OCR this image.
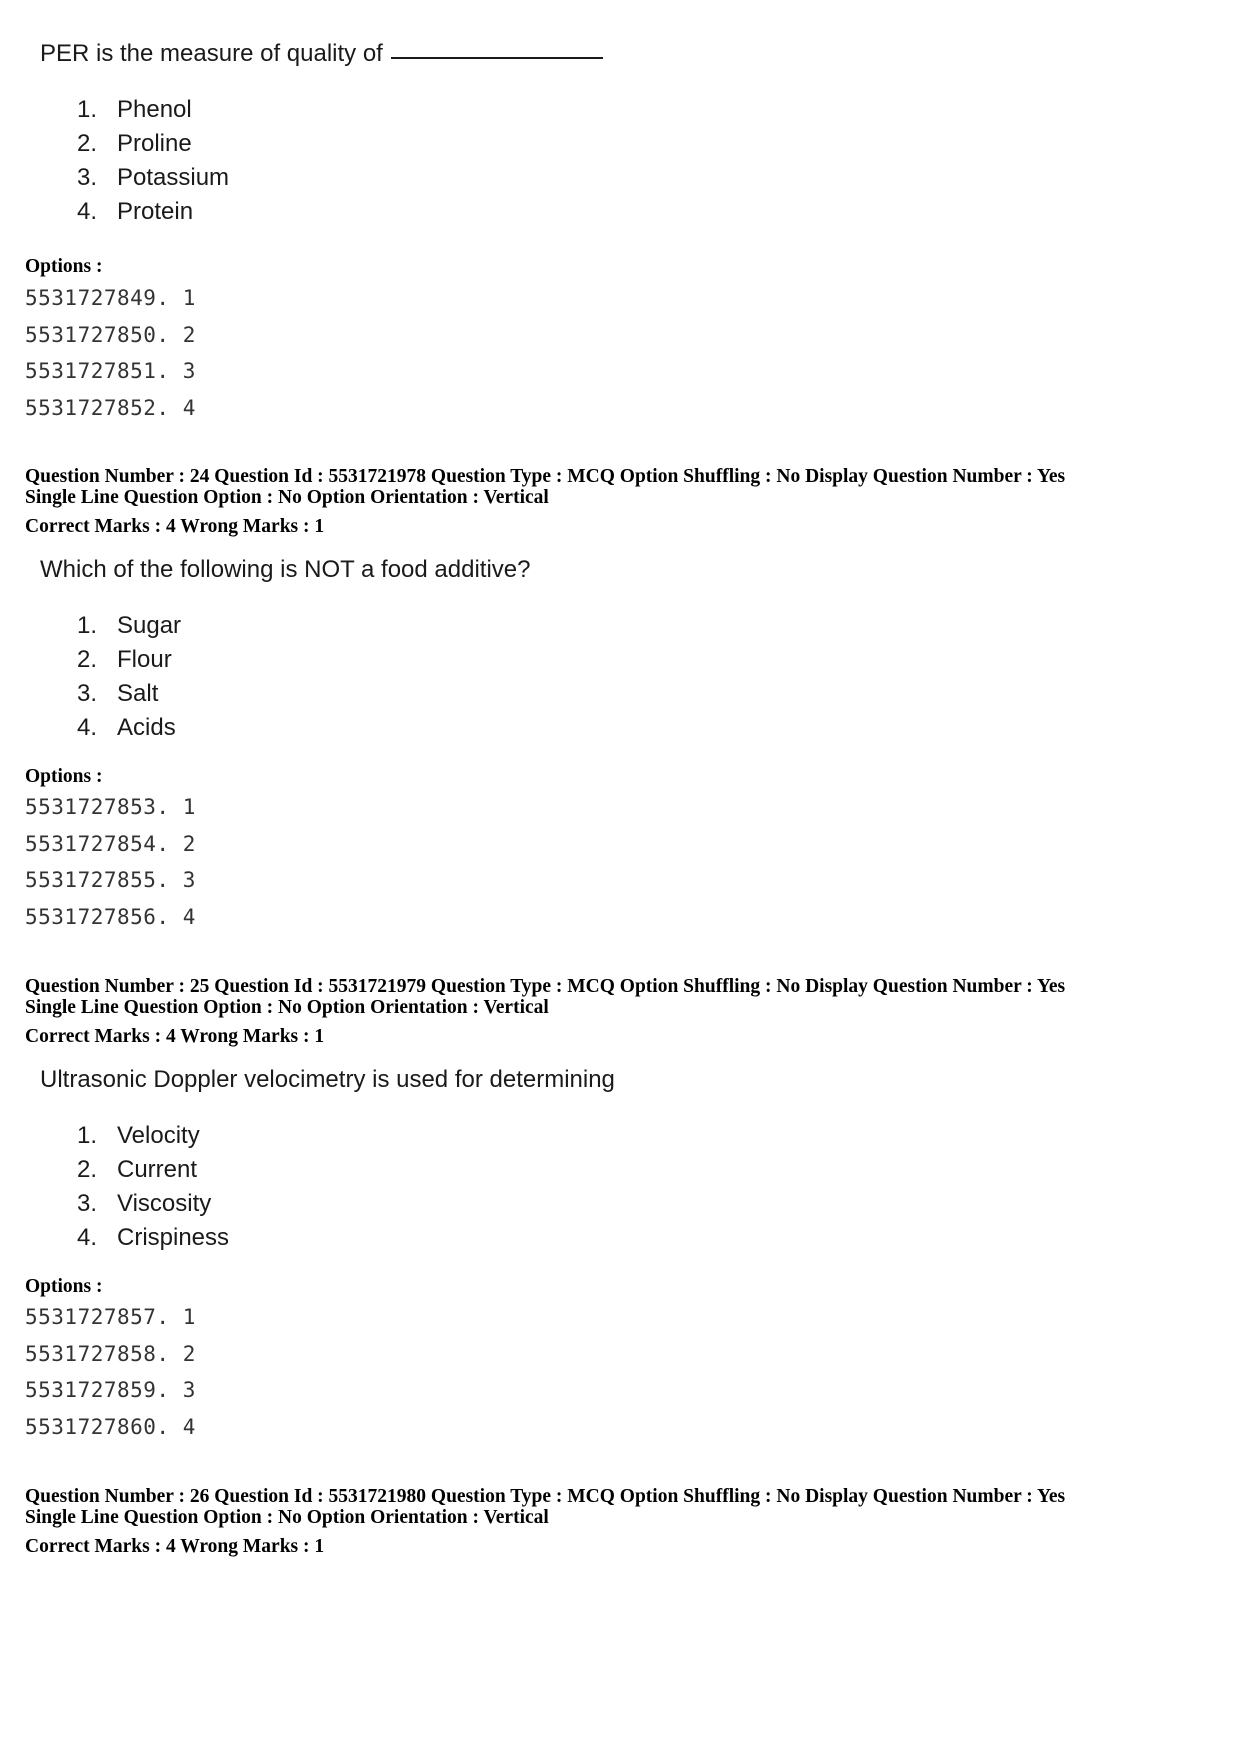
PER is the measure of quality of
1. Phenol
2. Proline
3. Potassium
4. Protein
Options :
5531727849. 1
5531727850. 2
5531727851. 3
5531727852. 4
Question Number : 24 Question Id : 5531721978 Question Type : MCQ Option Shuffling : No Display Question Number : Yes
Single Line Question Option : No Option Orientation : Vertical
Correct Marks : 4 Wrong Marks : 1
Which of the following is NOT a food additive?
1. Sugar
2. Flour
3. Salt
4. Acids
Options :
5531727853. 1
5531727854. 2
5531727855. 3
5531727856. 4
Question Number : 25 Question Id : 5531721979 Question Type : MCQ Option Shuffling : No Display Question Number : Yes
Single Line Question Option : No Option Orientation : Vertical
Correct Marks : 4 Wrong Marks : 1
Ultrasonic Doppler velocimetry is used for determining
1. Velocity
2. Current
3. Viscosity
4. Crispiness
Options :
5531727857. 1
5531727858. 2
5531727859. 3
5531727860. 4
Question Number : 26 Question Id : 5531721980 Question Type : MCQ Option Shuffling : No Display Question Number : Yes
Single Line Question Option : No Option Orientation : Vertical
Correct Marks : 4 Wrong Marks : 1
